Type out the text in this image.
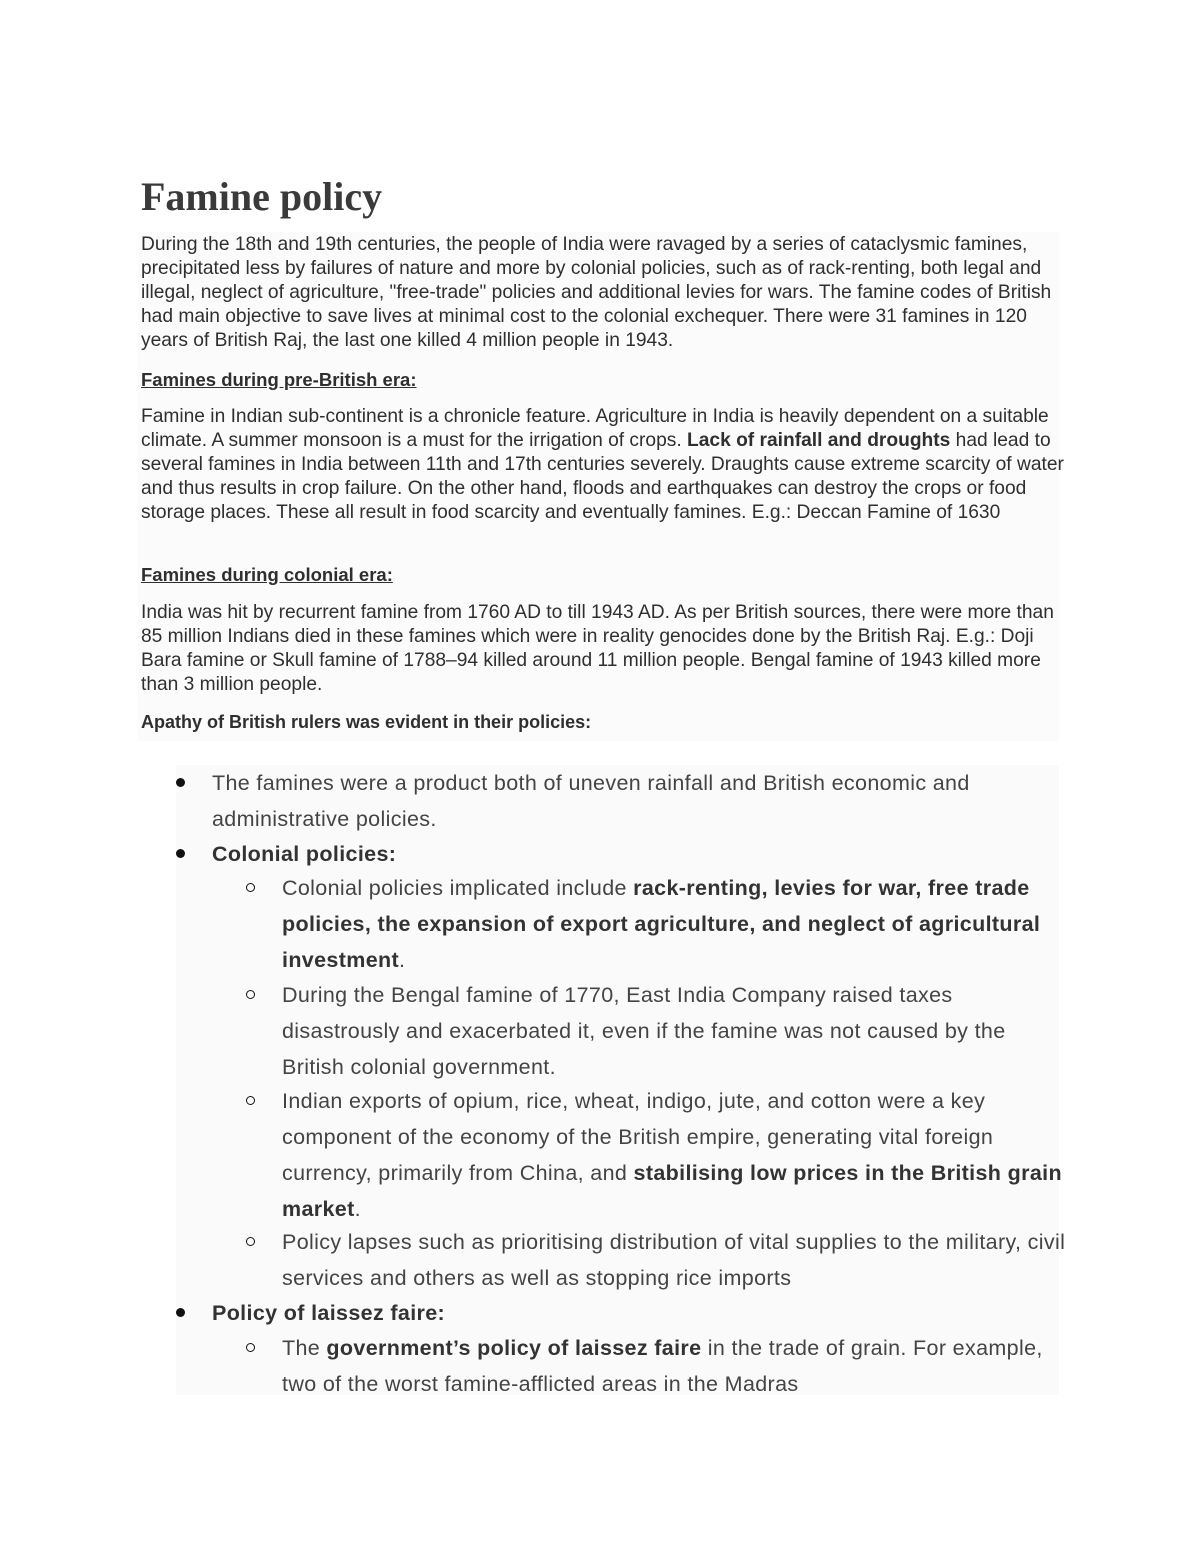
Famine policy

During the 18th and 19th centuries, the people of India were ravaged by a series of cataclysmic famines, precipitated less by failures of nature and more by colonial policies, such as of rack-renting, both legal and illegal, neglect of agriculture, "free-trade" policies and additional levies for wars. The famine codes of British had main objective to save lives at minimal cost to the colonial exchequer. There were 31 famines in 120 years of British Raj, the last one killed 4 million people in 1943.

Famines during pre-British era:

Famine in Indian sub-continent is a chronicle feature. Agriculture in India is heavily dependent on a suitable climate. A summer monsoon is a must for the irrigation of crops. Lack of rainfall and droughts had lead to several famines in India between 11th and 17th centuries severely. Draughts cause extreme scarcity of water and thus results in crop failure. On the other hand, floods and earthquakes can destroy the crops or food storage places. These all result in food scarcity and eventually famines. E.g.: Deccan Famine of 1630

Famines during colonial era:

India was hit by recurrent famine from 1760 AD to till 1943 AD. As per British sources, there were more than 85 million Indians died in these famines which were in reality genocides done by the British Raj. E.g.: Doji Bara famine or Skull famine of 1788–94 killed around 11 million people. Bengal famine of 1943 killed more than 3 million people.

Apathy of British rulers was evident in their policies:

The famines were a product both of uneven rainfall and British economic and administrative policies.

Colonial policies:

Colonial policies implicated include rack-renting, levies for war, free trade policies, the expansion of export agriculture, and neglect of agricultural investment.

During the Bengal famine of 1770, East India Company raised taxes disastrously and exacerbated it, even if the famine was not caused by the British colonial government.

Indian exports of opium, rice, wheat, indigo, jute, and cotton were a key component of the economy of the British empire, generating vital foreign currency, primarily from China, and stabilising low prices in the British grain market.

Policy lapses such as prioritising distribution of vital supplies to the military, civil services and others as well as stopping rice imports

Policy of laissez faire:

The government’s policy of laissez faire in the trade of grain. For example, two of the worst famine-afflicted areas in the Madras
